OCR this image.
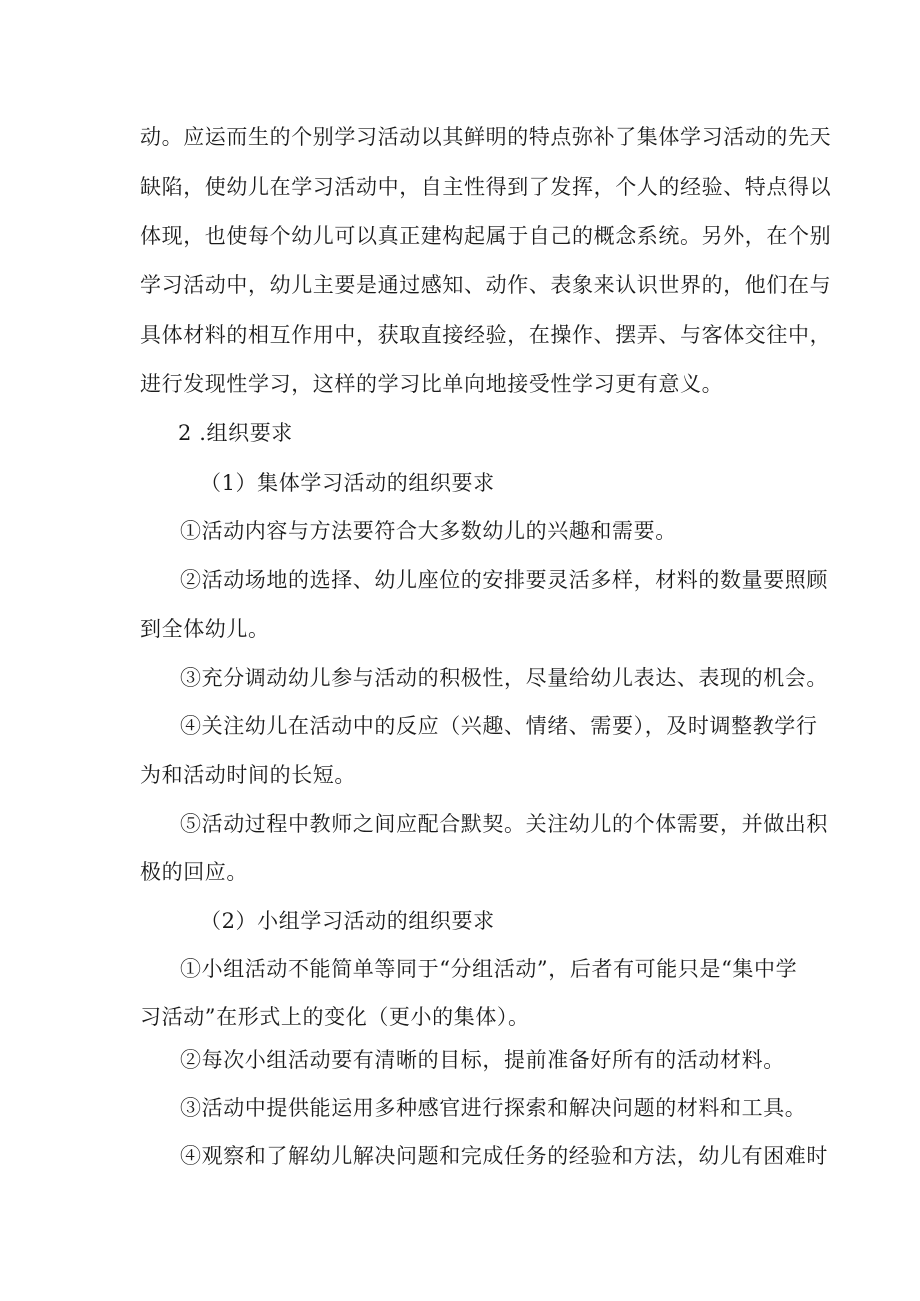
动。应运而生的个别学习活动以其鲜明的特点弥补了集体学习活动的先天
缺陷，使幼儿在学习活动中，自主性得到了发挥，个人的经验、特点得以
体现，也使每个幼儿可以真正建构起属于自己的概念系统。另外，在个别
学习活动中，幼儿主要是通过感知、动作、表象来认识世界的，他们在与
具体材料的相互作用中，获取直接经验，在操作、摆弄、与客体交往中，
进行发现性学习，这样的学习比单向地接受性学习更有意义。
2 .组织要求
（1）集体学习活动的组织要求
①活动内容与方法要符合大多数幼儿的兴趣和需要。
②活动场地的选择、幼儿座位的安排要灵活多样，材料的数量要照顾
到全体幼儿。
③充分调动幼儿参与活动的积极性，尽量给幼儿表达、表现的机会。
④关注幼儿在活动中的反应（兴趣、情绪、需要），及时调整教学行
为和活动时间的长短。
⑤活动过程中教师之间应配合默契。关注幼儿的个体需要，并做出积
极的回应。
（2）小组学习活动的组织要求
①小组活动不能简单等同于“分组活动”，后者有可能只是“集中学
习活动”在形式上的变化（更小的集体）。
②每次小组活动要有清晰的目标，提前准备好所有的活动材料。
③活动中提供能运用多种感官进行探索和解决问题的材料和工具。
④观察和了解幼儿解决问题和完成任务的经验和方法，幼儿有困难时
